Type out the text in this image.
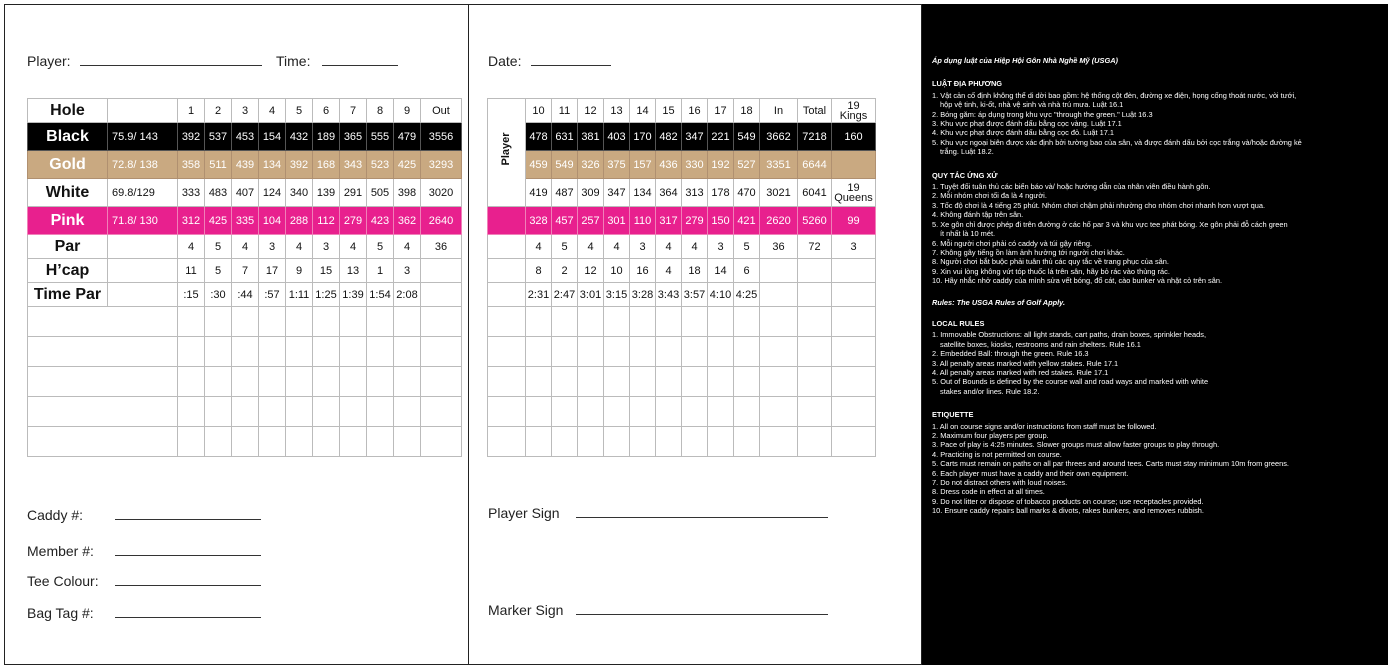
Player:	Time:
Hole		1	2	3	4	5	6	7	8	9	Out
Black	75.9/ 143	392	537	453	154	432	189	365	555	479	3556
Gold	72.8/ 138	358	511	439	134	392	168	343	523	425	3293
White	69.8/129	333	483	407	124	340	139	291	505	398	3020
Pink	71.8/ 130	312	425	335	104	288	112	279	423	362	2640
Par		4	5	4	3	4	3	4	5	4	36
H’cap		11	5	7	17	9	15	13	1	3	
Time Par		:15	:30	:44	:57	1:11	1:25	1:39	1:54	2:08	

Caddy #:
Member #:
Tee Colour:
Bag Tag #:
Date:
Player
	10	11	12	13	14	15	16	17	18	In	Total	19
Kings

	478	631	381	403	170	482	347	221	549	3662	7218	160
	459	549	326	375	157	436	330	192	527	3351	6644	
	419	487	309	347	134	364	313	178	470	3021	6041	19
Queens

	328	457	257	301	110	317	279	150	421	2620	5260	99
	4	5	4	4	3	4	4	3	5	36	72	3
	8	2	12	10	16	4	18	14	6			
	2:31	2:47	3:01	3:15	3:28	3:43	3:57	4:10	4:25			

Player Sign
Marker Sign
Áp dụng luật của Hiệp Hội Gôn Nhà Nghề Mỹ (USGA)
LUẬT ĐỊA PHƯƠNG
1. Vật cản cố định không thể di dời bao gồm: hệ thống cột đèn, đường xe điện, họng cống thoát nước, vòi tưới,
hộp vệ tinh, ki-ốt, nhà vệ sinh và nhà trú mưa. Luật 16.1
2. Bóng găm: áp dụng trong khu vực "through the green." Luật 16.3
3. Khu vực phạt được đánh dấu bằng cọc vàng. Luật 17.1
4. Khu vực phạt được đánh dấu bằng cọc đỏ. Luật 17.1
5. Khu vực ngoại biên được xác định bởi tường bao của sân, và được đánh dấu bởi cọc trắng và/hoặc đường kẻ
trắng. Luật 18.2.
QUY TẮC ỨNG XỬ
1. Tuyệt đối tuân thủ các biển báo và/ hoặc hướng dẫn của nhân viên điều hành gôn.
2. Mỗi nhóm chơi tối đa là 4 người.
3. Tốc độ chơi là 4 tiếng 25 phút. Nhóm chơi chậm phải nhường cho nhóm chơi nhanh hơn vượt qua.
4. Không đánh tập trên sân.
5. Xe gôn chỉ được phép đi trên đường ở các hố par 3 và khu vực tee phát bóng. Xe gôn phải đỗ cách green
ít nhất là 10 mét.
6. Mỗi người chơi phải có caddy và túi gậy riêng.
7. Không gây tiếng ồn làm ảnh hưởng tới người chơi khác.
8. Người chơi bắt buộc phải tuân thủ các quy tắc về trang phục của sân.
9. Xin vui lòng không vứt tóp thuốc lá trên sân, hãy bỏ rác vào thùng rác.
10. Hãy nhắc nhở caddy của mình sửa vết bóng, đổ cát, cào bunker và nhặt cỏ trên sân.
Rules: The USGA Rules of Golf Apply.
LOCAL RULES
1. Immovable Obstructions: all light stands, cart paths, drain boxes, sprinkler heads,
satellite boxes, kiosks, restrooms and rain shelters. Rule 16.1
2. Embedded Ball: through the green. Rule 16.3
3. All penalty areas marked with yellow stakes. Rule 17.1
4. All penalty areas marked with red stakes. Rule 17.1
5. Out of Bounds is defined by the course wall and road ways and marked with white
stakes and/or lines. Rule 18.2.
ETIQUETTE
1. All on course signs and/or instructions from staff must be followed.
2. Maximum four players per group.
3. Pace of play is 4:25 minutes. Slower groups must allow faster groups to play through.
4. Practicing is not permitted on course.
5. Carts must remain on paths on all par threes and around tees. Carts must stay minimum 10m from greens.
6. Each player must have a caddy and their own equipment.
7. Do not distract others with loud noises.
8. Dress code in effect at all times.
9. Do not litter or dispose of tobacco products on course; use receptacles provided.
10. Ensure caddy repairs ball marks & divots, rakes bunkers, and removes rubbish.
